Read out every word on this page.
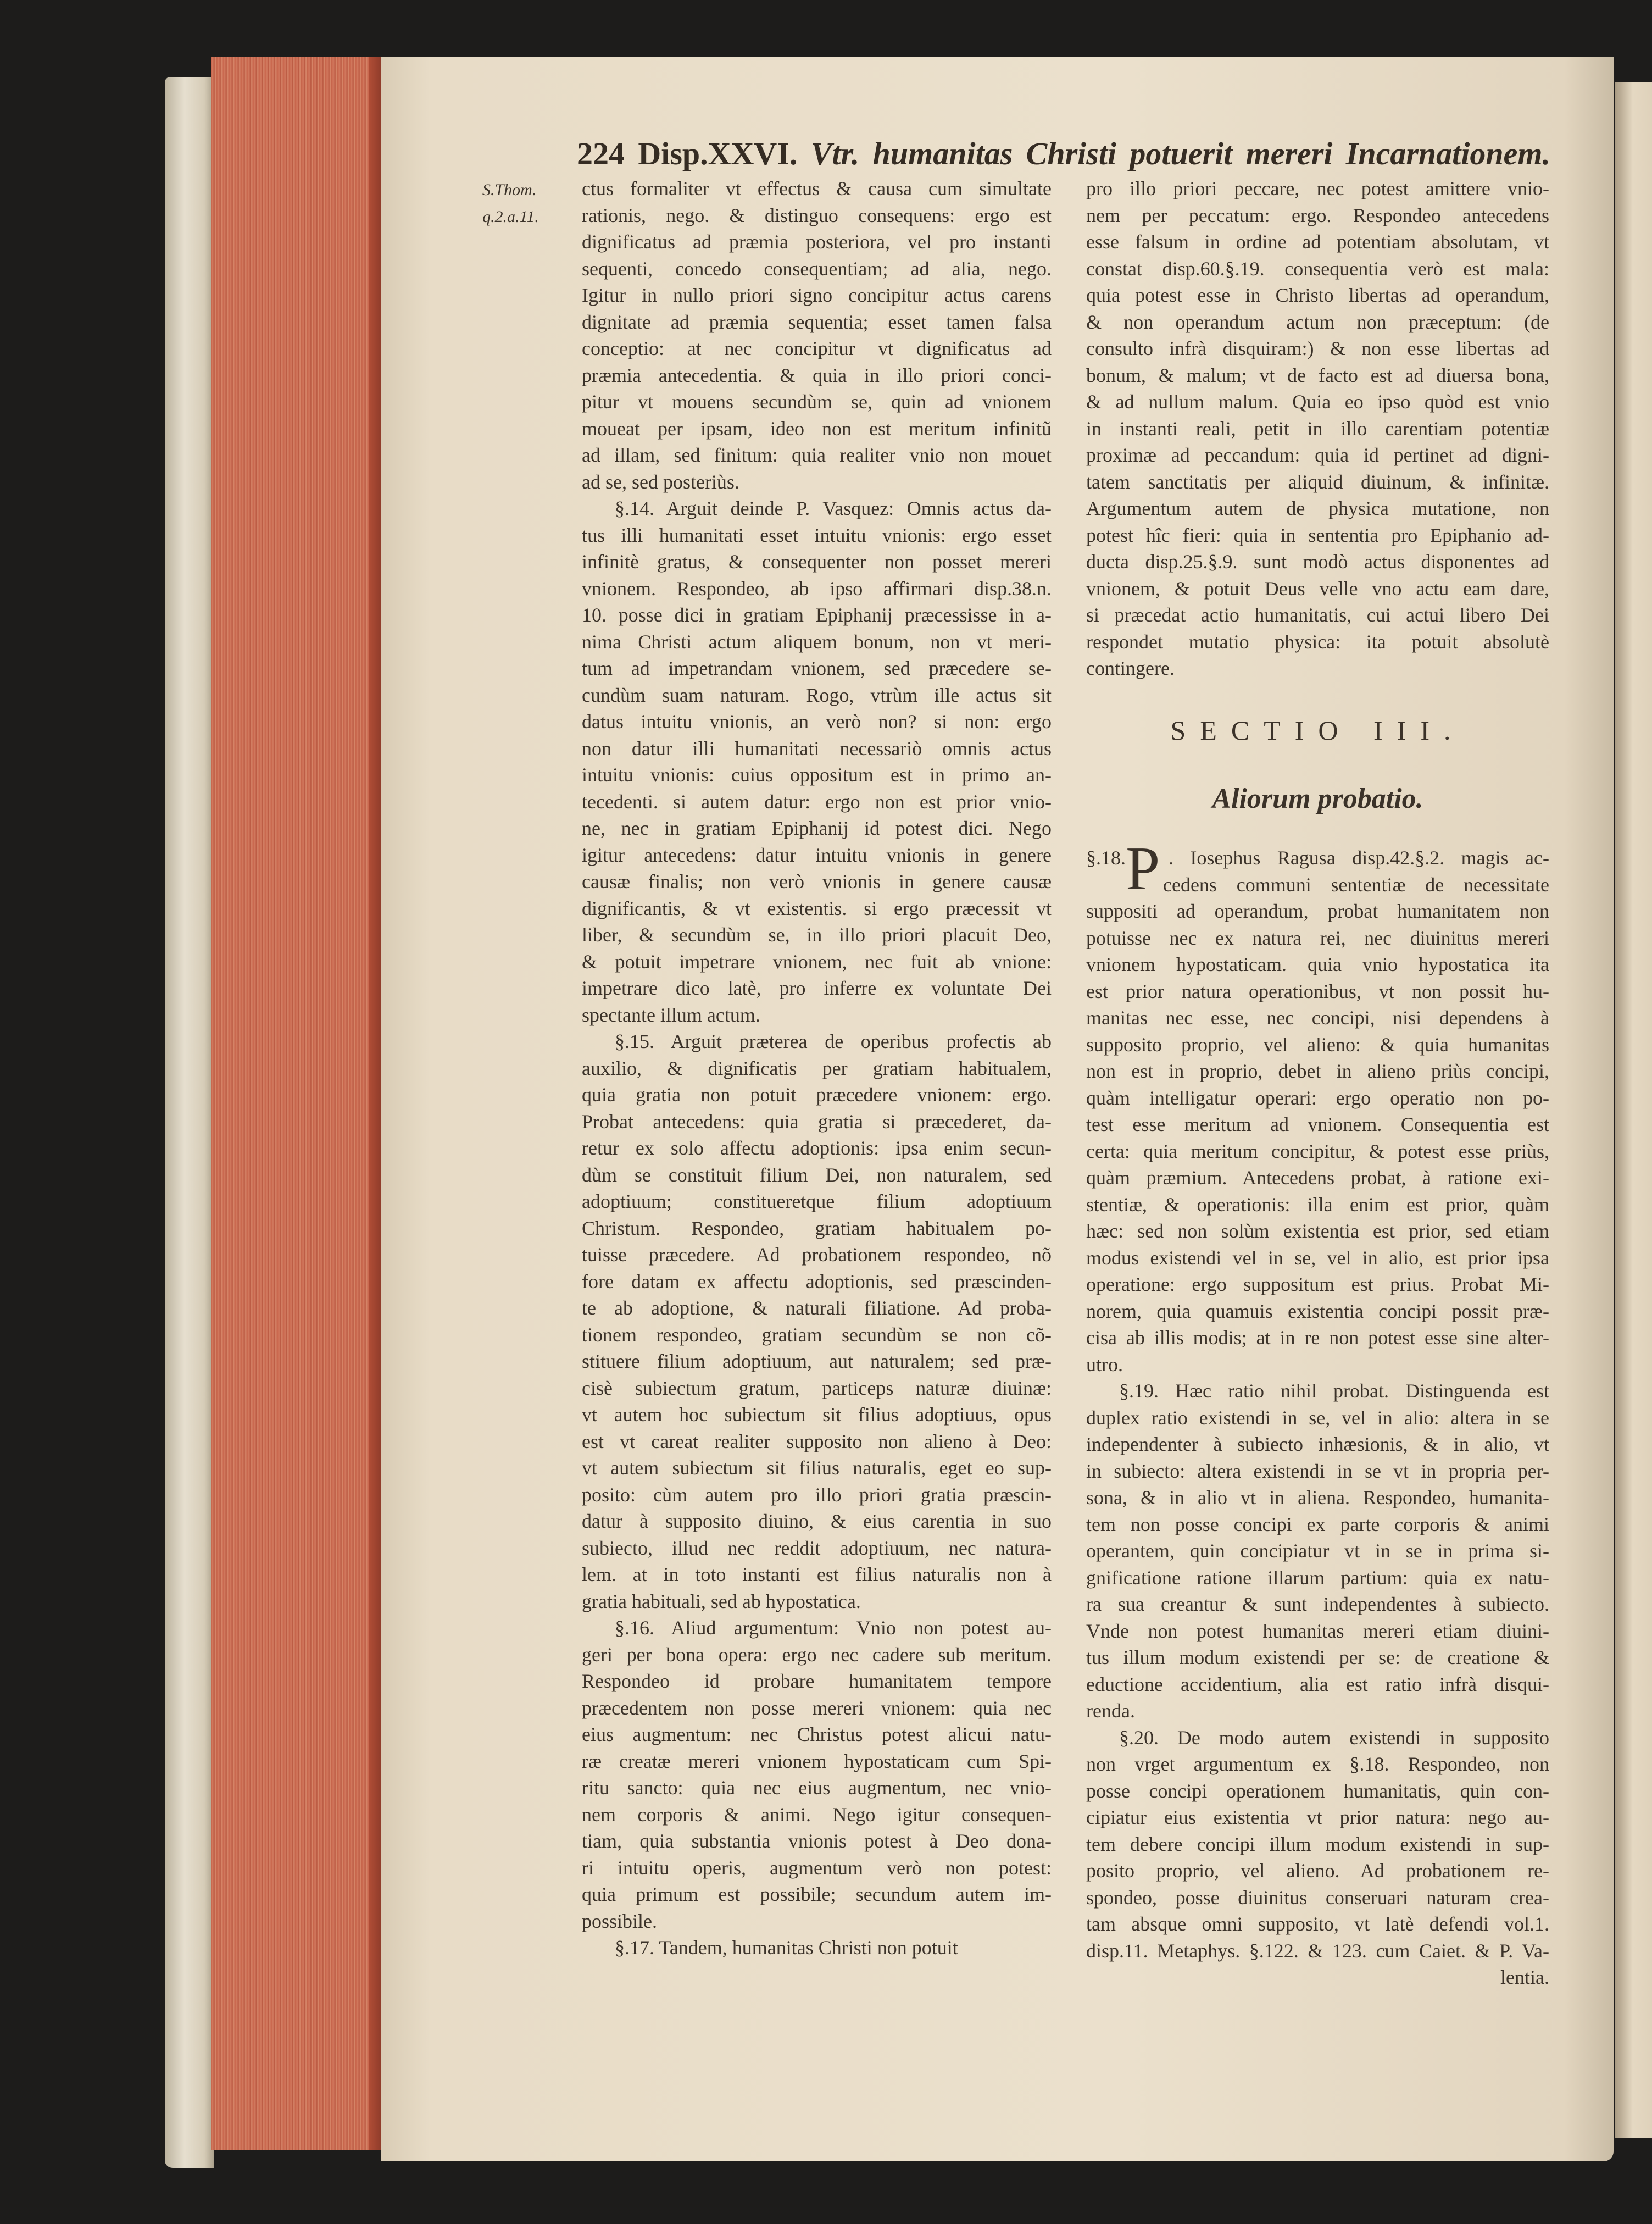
224 Disp.XXVI. Vtr. humanitas Christi potuerit mereri Incarnationem.
S.Thom.
q.2.a.11.
ctus formaliter vt effectus & causa cum simultate
rationis, nego. & distinguo consequens: ergo est
dignificatus ad præmia posteriora, vel pro instanti
sequenti, concedo consequentiam; ad alia, nego.
Igitur in nullo priori signo concipitur actus carens
dignitate ad præmia sequentia; esset tamen falsa
conceptio: at nec concipitur vt dignificatus ad
præmia antecedentia. & quia in illo priori conci-
pitur vt mouens secundùm se, quin ad vnionem
moueat per ipsam, ideo non est meritum infinitũ
ad illam, sed finitum: quia realiter vnio non mouet
ad se, sed posteriùs.
§.14. Arguit deinde P. Vasquez: Omnis actus da-
tus illi humanitati esset intuitu vnionis: ergo esset
infinitè gratus, & consequenter non posset mereri
vnionem. Respondeo, ab ipso affirmari disp.38.n.
10. posse dici in gratiam Epiphanij præcessisse in a-
nima Christi actum aliquem bonum, non vt meri-
tum ad impetrandam vnionem, sed præcedere se-
cundùm suam naturam. Rogo, vtrùm ille actus sit
datus intuitu vnionis, an verò non? si non: ergo
non datur illi humanitati necessariò omnis actus
intuitu vnionis: cuius oppositum est in primo an-
tecedenti. si autem datur: ergo non est prior vnio-
ne, nec in gratiam Epiphanij id potest dici. Nego
igitur antecedens: datur intuitu vnionis in genere
causæ finalis; non verò vnionis in genere causæ
dignificantis, & vt existentis. si ergo præcessit vt
liber, & secundùm se, in illo priori placuit Deo,
& potuit impetrare vnionem, nec fuit ab vnione:
impetrare dico latè, pro inferre ex voluntate Dei
spectante illum actum.
§.15. Arguit præterea de operibus profectis ab
auxilio, & dignificatis per gratiam habitualem,
quia gratia non potuit præcedere vnionem: ergo.
Probat antecedens: quia gratia si præcederet, da-
retur ex solo affectu adoptionis: ipsa enim secun-
dùm se constituit filium Dei, non naturalem, sed
adoptiuum; constitueretque filium adoptiuum
Christum. Respondeo, gratiam habitualem po-
tuisse præcedere. Ad probationem respondeo, nõ
fore datam ex affectu adoptionis, sed præscinden-
te ab adoptione, & naturali filiatione. Ad proba-
tionem respondeo, gratiam secundùm se non cõ-
stituere filium adoptiuum, aut naturalem; sed præ-
cisè subiectum gratum, particeps naturæ diuinæ:
vt autem hoc subiectum sit filius adoptiuus, opus
est vt careat realiter supposito non alieno à Deo:
vt autem subiectum sit filius naturalis, eget eo sup-
posito: cùm autem pro illo priori gratia præscin-
datur à supposito diuino, & eius carentia in suo
subiecto, illud nec reddit adoptiuum, nec natura-
lem. at in toto instanti est filius naturalis non à
gratia habituali, sed ab hypostatica.
§.16. Aliud argumentum: Vnio non potest au-
geri per bona opera: ergo nec cadere sub meritum.
Respondeo id probare humanitatem tempore
præcedentem non posse mereri vnionem: quia nec
eius augmentum: nec Christus potest alicui natu-
ræ creatæ mereri vnionem hypostaticam cum Spi-
ritu sancto: quia nec eius augmentum, nec vnio-
nem corporis & animi. Nego igitur consequen-
tiam, quia substantia vnionis potest à Deo dona-
ri intuitu operis, augmentum verò non potest:
quia primum est possibile; secundum autem im-
possibile.
§.17. Tandem, humanitas Christi non potuit
pro illo priori peccare, nec potest amittere vnio-
nem per peccatum: ergo. Respondeo antecedens
esse falsum in ordine ad potentiam absolutam, vt
constat disp.60.§.19. consequentia verò est mala:
quia potest esse in Christo libertas ad operandum,
& non operandum actum non præceptum: (de
consulto infrà disquiram:) & non esse libertas ad
bonum, & malum; vt de facto est ad diuersa bona,
& ad nullum malum. Quia eo ipso quòd est vnio
in instanti reali, petit in illo carentiam potentiæ
proximæ ad peccandum: quia id pertinet ad digni-
tatem sanctitatis per aliquid diuinum, & infinitæ.
Argumentum autem de physica mutatione, non
potest hîc fieri: quia in sententia pro Epiphanio ad-
ducta disp.25.§.9. sunt modò actus disponentes ad
vnionem, & potuit Deus velle vno actu eam dare,
si præcedat actio humanitatis, cui actui libero Dei
respondet mutatio physica: ita potuit absolutè
contingere.
SECTIO III.
Aliorum probatio.
§.18. P . Iosephus Ragusa disp.42.§.2. magis ac-
cedens communi sententiæ de necessitate
suppositi ad operandum, probat humanitatem non
potuisse nec ex natura rei, nec diuinitus mereri
vnionem hypostaticam. quia vnio hypostatica ita
est prior natura operationibus, vt non possit hu-
manitas nec esse, nec concipi, nisi dependens à
supposito proprio, vel alieno: & quia humanitas
non est in proprio, debet in alieno priùs concipi,
quàm intelligatur operari: ergo operatio non po-
test esse meritum ad vnionem. Consequentia est
certa: quia meritum concipitur, & potest esse priùs,
quàm præmium. Antecedens probat, à ratione exi-
stentiæ, & operationis: illa enim est prior, quàm
hæc: sed non solùm existentia est prior, sed etiam
modus existendi vel in se, vel in alio, est prior ipsa
operatione: ergo suppositum est prius. Probat Mi-
norem, quia quamuis existentia concipi possit præ-
cisa ab illis modis; at in re non potest esse sine alter-
utro.
§.19. Hæc ratio nihil probat. Distinguenda est
duplex ratio existendi in se, vel in alio: altera in se
independenter à subiecto inhæsionis, & in alio, vt
in subiecto: altera existendi in se vt in propria per-
sona, & in alio vt in aliena. Respondeo, humanita-
tem non posse concipi ex parte corporis & animi
operantem, quin concipiatur vt in se in prima si-
gnificatione ratione illarum partium: quia ex natu-
ra sua creantur & sunt independentes à subiecto.
Vnde non potest humanitas mereri etiam diuini-
tus illum modum existendi per se: de creatione &
eductione accidentium, alia est ratio infrà disqui-
renda.
§.20. De modo autem existendi in supposito
non vrget argumentum ex §.18. Respondeo, non
posse concipi operationem humanitatis, quin con-
cipiatur eius existentia vt prior natura: nego au-
tem debere concipi illum modum existendi in sup-
posito proprio, vel alieno. Ad probationem re-
spondeo, posse diuinitus conseruari naturam crea-
tam absque omni supposito, vt latè defendi vol.1.
disp.11. Metaphys. §.122. & 123. cum Caiet. & P. Va-
lentia.
